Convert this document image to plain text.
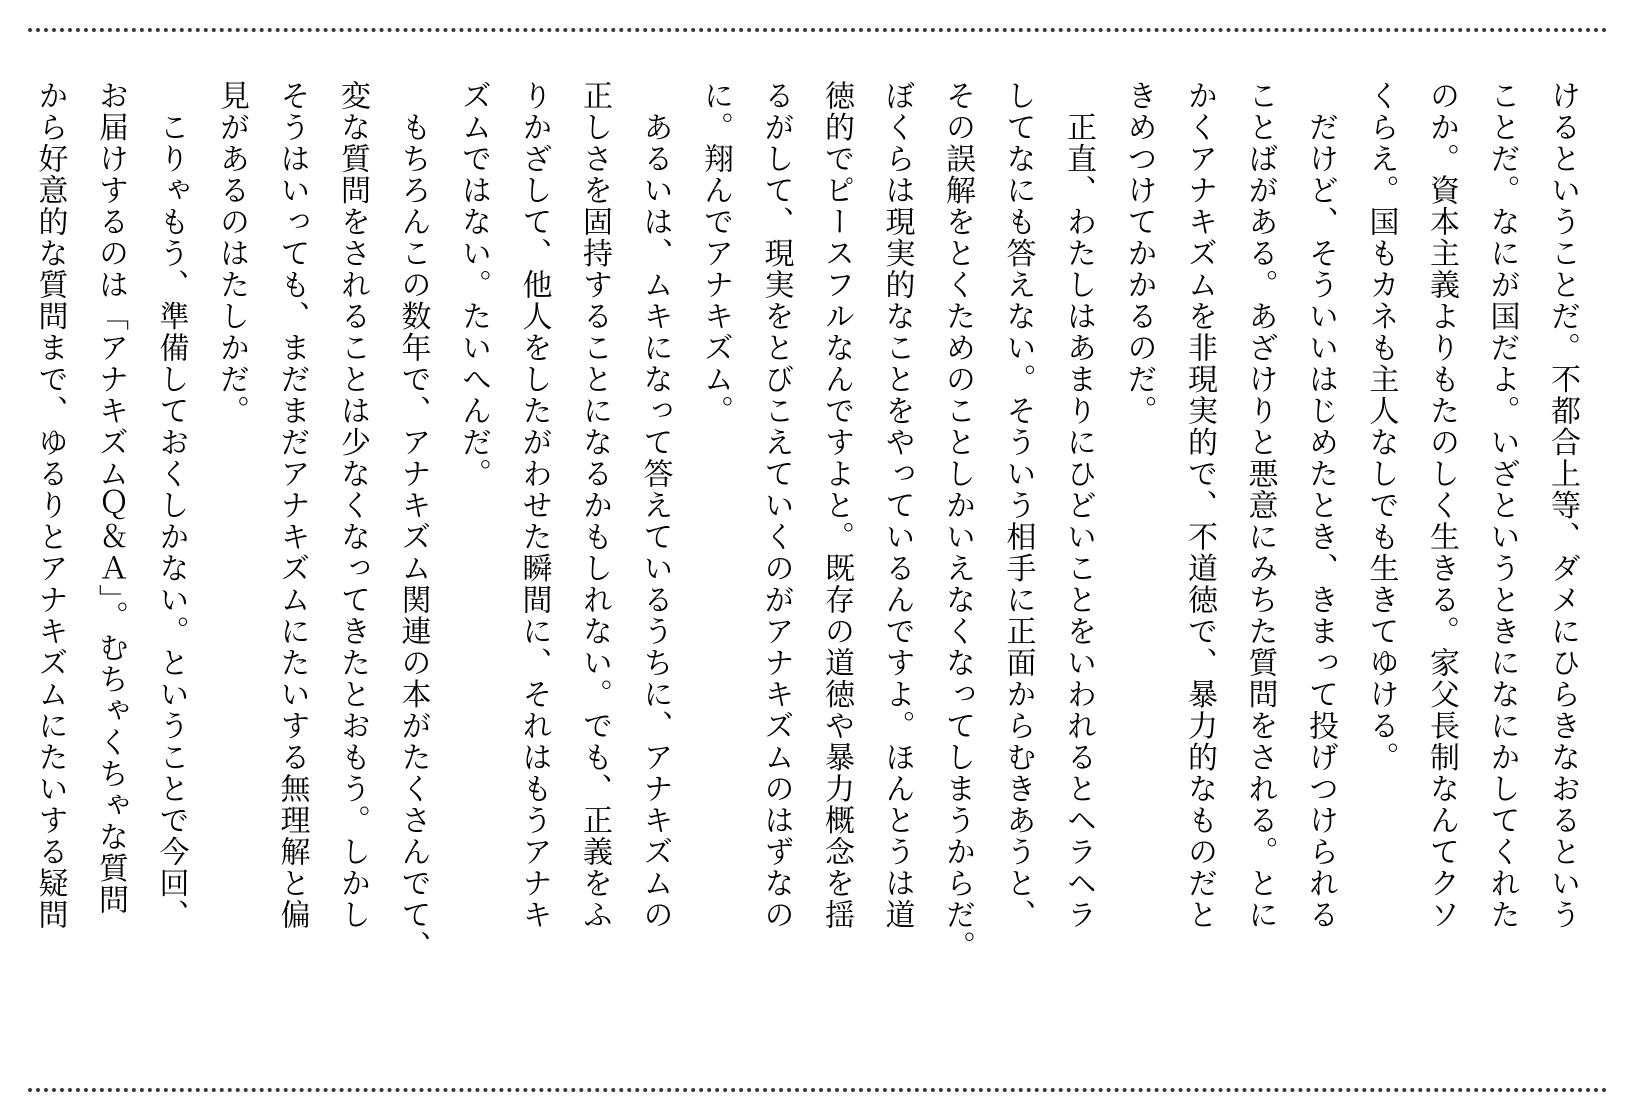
けるということだ。不都合上等、ダメにひらきなおるという
ことだ。なにが国だよ。いざというときになにかしてくれた
のか。資本主義よりもたのしく生きる。家父長制なんてクソ
くらえ。国もカネも主人なしでも生きてゆける。
　だけど、そういいはじめたとき、きまって投げつけられる
ことばがある。あざけりと悪意にみちた質問をされる。とに
かくアナキズムを非現実的で、不道徳で、暴力的なものだと
きめつけてかかるのだ。
　正直、わたしはあまりにひどいことをいわれるとヘラヘラ
してなにも答えない。そういう相手に正面からむきあうと、
その誤解をとくためのことしかいえなくなってしまうからだ。
ぼくらは現実的なことをやっているんですよ。ほんとうは道
徳的でピースフルなんですよと。既存の道徳や暴力概念を揺
るがして、現実をとびこえていくのがアナキズムのはずなの
に。翔んでアナキズム。
　あるいは、ムキになって答えているうちに、アナキズムの
正しさを固持することになるかもしれない。でも、正義をふ
りかざして、他人をしたがわせた瞬間に、それはもうアナキ
ズムではない。たいへんだ。
　もちろんこの数年で、アナキズム関連の本がたくさんでて、
変な質問をされることは少なくなってきたとおもう。しかし
そうはいっても、まだまだアナキズムにたいする無理解と偏
見があるのはたしかだ。
　こりゃもう、準備しておくしかない。ということで今回、
お届けするのは「アナキズムＱ＆Ａ」。むちゃくちゃな質問
から好意的な質問まで、ゆるりとアナキズムにたいする疑問
